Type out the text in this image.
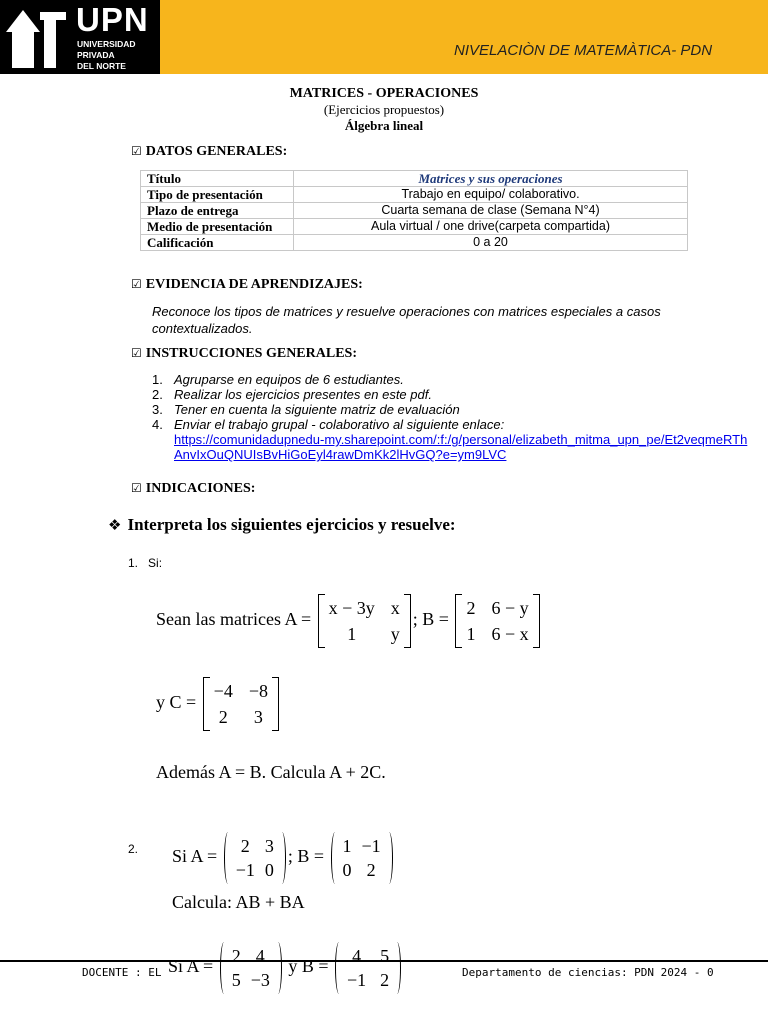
UPN
UNIVERSIDAD
PRIVADA
DEL NORTE
NIVELACIÒN DE MATEMÀTICA- PDN
MATRICES - OPERACIONES
(Ejercicios propuestos)
Álgebra lineal
☑ DATOS GENERALES:
Título	Matrices y sus operaciones
Tipo de presentación	Trabajo en equipo/ colaborativo.
Plazo de entrega	Cuarta semana de clase (Semana N°4)
Medio de presentación	Aula virtual / one drive(carpeta compartida)
Calificación	0 a 20
☑ EVIDENCIA DE APRENDIZAJES:
Reconoce los tipos de matrices y resuelve operaciones con matrices especiales a casos contextualizados.
☑ INSTRUCCIONES GENERALES:
1. Agruparse en equipos de 6 estudiantes.
2. Realizar los ejercicios presentes en este pdf.
3. Tener en cuenta la siguiente matriz de evaluación
4. Enviar el trabajo grupal - colaborativo al siguiente enlace:
https://comunidadupnedu-my.sharepoint.com/:f:/g/personal/elizabeth_mitma_upn_pe/Et2veqmeRThAnvIxOuQNUIsBvHiGoEyl4rawDmKk2lHvGQ?e=ym9LVC
☑ INDICACIONES:
❖ Interpreta los siguientes ejercicios y resuelve:
1. Si:
Sean las matrices A =
x − 3y x
1	y
; B =
2 6 − y
1 6 − x
y C =
−4 −8
2 3
Además A = B. Calcula A + 2C.
2. Si A =
2 3
−1 0
; B =
1 −1
0 2
Calcula: AB + BA
DOCENTE : EL	Departamento de ciencias: PDN 2024 - 0
Si A =
2 4
5 −3
y B =
4 5
−1 2
